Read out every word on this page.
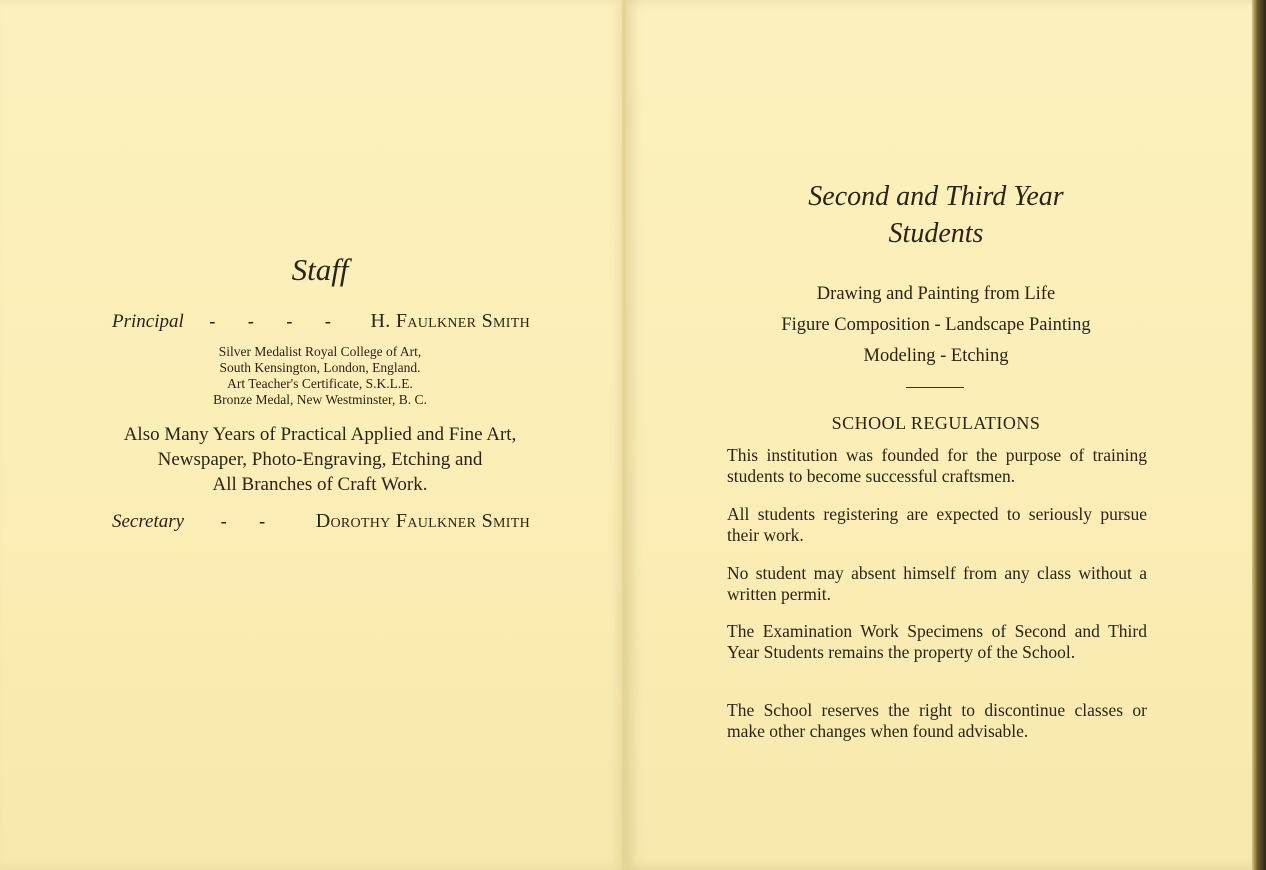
Staff
Principal	- - - -	H. Faulkner Smith
Silver Medalist Royal College of Art,
South Kensington, London, England.
Art Teacher's Certificate, S.K.L.E.
Bronze Medal, New Westminster, B. C.
Also Many Years of Practical Applied and Fine Art,
Newspaper, Photo-Engraving, Etching and
All Branches of Craft Work.
Secretary	- -	Dorothy Faulkner Smith
Second and Third Year
Students
Drawing and Painting from Life
Figure Composition - Landscape Painting
Modeling - Etching
SCHOOL REGULATIONS
This institution was founded for the purpose of training students to become successful craftsmen.
All students registering are expected to seriously pursue their work.
No student may absent himself from any class without a written permit.
The Examination Work Specimens of Second and Third Year Students remains the property of the School.
The School reserves the right to discontinue classes or make other changes when found advisable.
